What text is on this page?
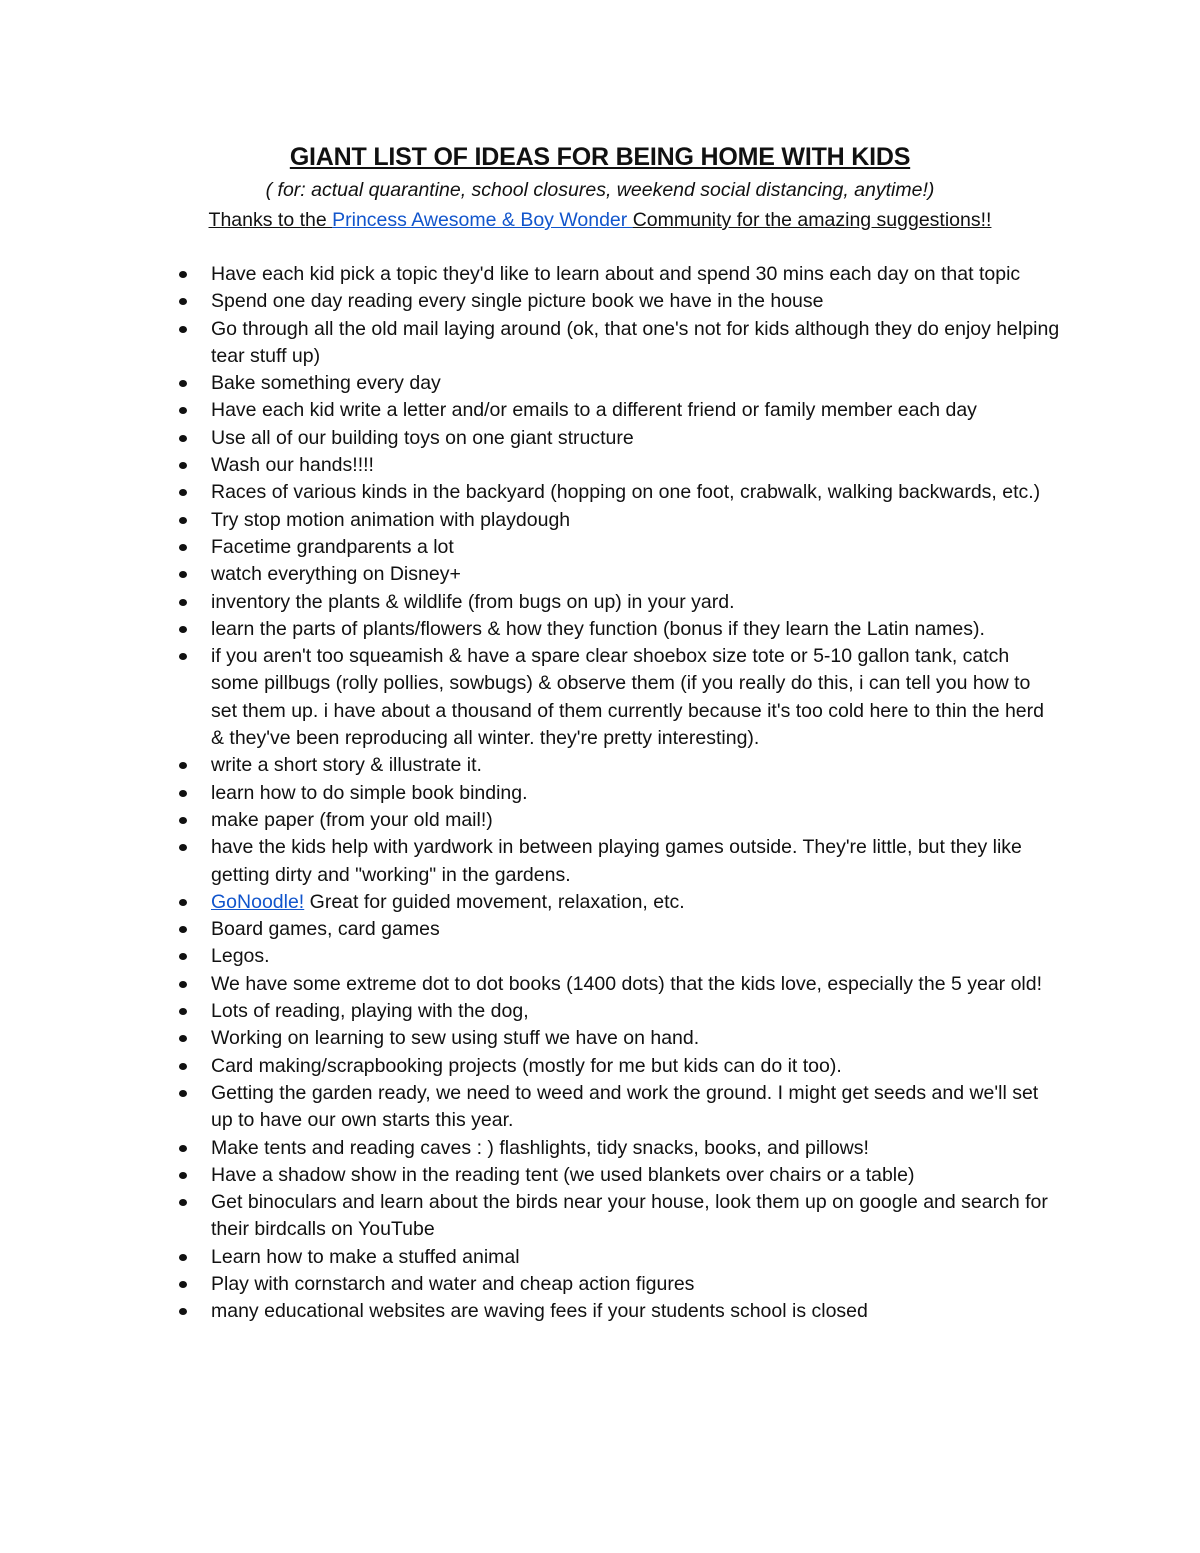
GIANT LIST OF IDEAS FOR BEING HOME WITH KIDS

( for: actual quarantine, school closures, weekend social distancing, anytime!)

Thanks to the Princess Awesome & Boy Wonder Community for the amazing suggestions!!

Have each kid pick a topic they'd like to learn about and spend 30 mins each day on that topic
Spend one day reading every single picture book we have in the house
Go through all the old mail laying around (ok, that one's not for kids although they do enjoy helping tear stuff up)
Bake something every day
Have each kid write a letter and/or emails to a different friend or family member each day
Use all of our building toys on one giant structure
Wash our hands!!!!
Races of various kinds in the backyard (hopping on one foot, crabwalk, walking backwards, etc.)
Try stop motion animation with playdough
Facetime grandparents a lot
watch everything on Disney+
inventory the plants & wildlife (from bugs on up) in your yard.
learn the parts of plants/flowers & how they function (bonus if they learn the Latin names).
if you aren't too squeamish & have a spare clear shoebox size tote or 5-10 gallon tank, catch some pillbugs (rolly pollies, sowbugs) & observe them (if you really do this, i can tell you how to set them up. i have about a thousand of them currently because it's too cold here to thin the herd & they've been reproducing all winter. they're pretty interesting).
write a short story & illustrate it.
learn how to do simple book binding.
make paper (from your old mail!)
have the kids help with yardwork in between playing games outside. They're little, but they like getting dirty and "working" in the gardens.
GoNoodle! Great for guided movement, relaxation, etc.
Board games, card games
Legos.
We have some extreme dot to dot books (1400 dots) that the kids love, especially the 5 year old!
Lots of reading, playing with the dog,
Working on learning to sew using stuff we have on hand.
Card making/scrapbooking projects (mostly for me but kids can do it too).
Getting the garden ready, we need to weed and work the ground. I might get seeds and we'll set up to have our own starts this year.
Make tents and reading caves : ) flashlights, tidy snacks, books, and pillows!
Have a shadow show in the reading tent (we used blankets over chairs or a table)
Get binoculars and learn about the birds near your house, look them up on google and search for their birdcalls on YouTube
Learn how to make a stuffed animal
Play with cornstarch and water and cheap action figures
many educational websites are waving fees if your students school is closed
